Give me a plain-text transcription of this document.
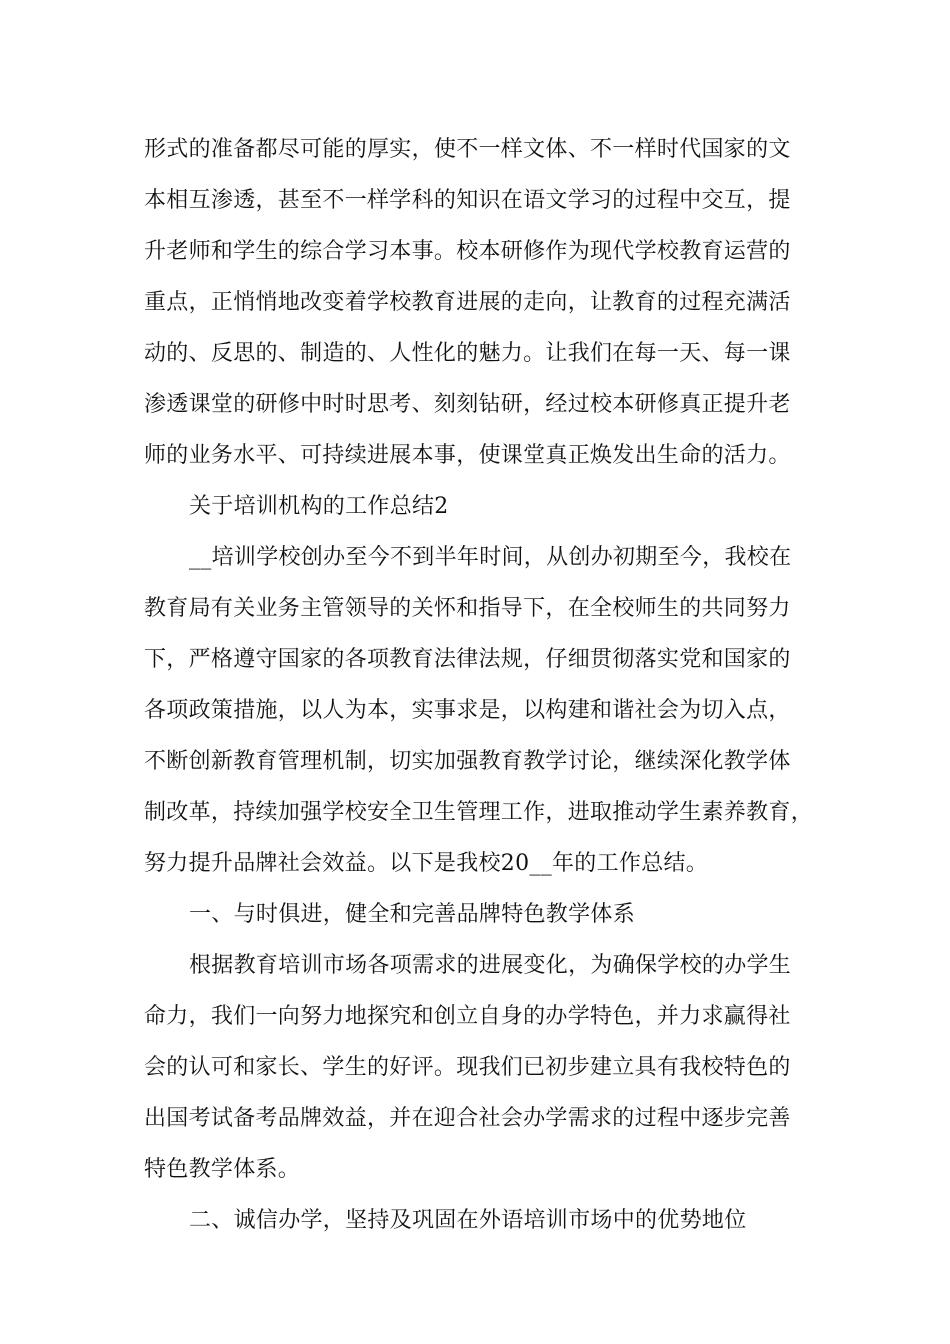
形式的准备都尽可能的厚实，使不一样文体、不一样时代国家的文
本相互渗透，甚至不一样学科的知识在语文学习的过程中交互，提
升老师和学生的综合学习本事。校本研修作为现代学校教育运营的
重点，正悄悄地改变着学校教育进展的走向，让教育的过程充满活
动的、反思的、制造的、人性化的魅力。让我们在每一天、每一课
渗透课堂的研修中时时思考、刻刻钻研，经过校本研修真正提升老
师的业务水平、可持续进展本事，使课堂真正焕发出生命的活力。
关于培训机构的工作总结2
__培训学校创办至今不到半年时间，从创办初期至今，我校在
教育局有关业务主管领导的关怀和指导下，在全校师生的共同努力
下，严格遵守国家的各项教育法律法规，仔细贯彻落实党和国家的
各项政策措施，以人为本，实事求是，以构建和谐社会为切入点，
不断创新教育管理机制，切实加强教育教学讨论，继续深化教学体
制改革，持续加强学校安全卫生管理工作，进取推动学生素养教育，
努力提升品牌社会效益。以下是我校20__年的工作总结。
一、与时俱进，健全和完善品牌特色教学体系
根据教育培训市场各项需求的进展变化，为确保学校的办学生
命力，我们一向努力地探究和创立自身的办学特色，并力求赢得社
会的认可和家长、学生的好评。现我们已初步建立具有我校特色的
出国考试备考品牌效益，并在迎合社会办学需求的过程中逐步完善
特色教学体系。
二、诚信办学，坚持及巩固在外语培训市场中的优势地位
